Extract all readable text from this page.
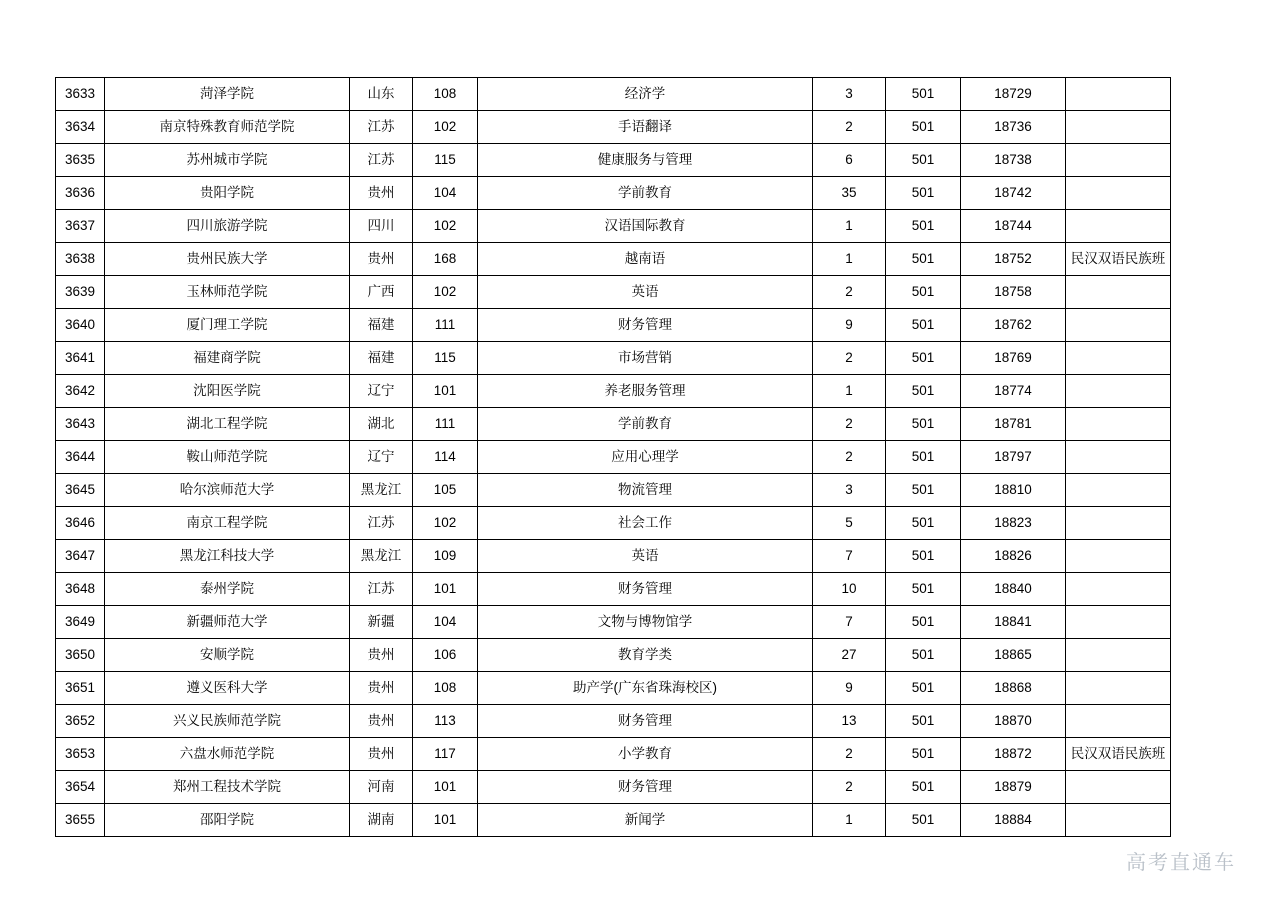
3633	菏泽学院	山东	108	经济学	3	501	18729	
3634	南京特殊教育师范学院	江苏	102	手语翻译	2	501	18736	
3635	苏州城市学院	江苏	115	健康服务与管理	6	501	18738	
3636	贵阳学院	贵州	104	学前教育	35	501	18742	
3637	四川旅游学院	四川	102	汉语国际教育	1	501	18744	
3638	贵州民族大学	贵州	168	越南语	1	501	18752	民汉双语民族班
3639	玉林师范学院	广西	102	英语	2	501	18758	
3640	厦门理工学院	福建	111	财务管理	9	501	18762	
3641	福建商学院	福建	115	市场营销	2	501	18769	
3642	沈阳医学院	辽宁	101	养老服务管理	1	501	18774	
3643	湖北工程学院	湖北	111	学前教育	2	501	18781	
3644	鞍山师范学院	辽宁	114	应用心理学	2	501	18797	
3645	哈尔滨师范大学	黑龙江	105	物流管理	3	501	18810	
3646	南京工程学院	江苏	102	社会工作	5	501	18823	
3647	黑龙江科技大学	黑龙江	109	英语	7	501	18826	
3648	泰州学院	江苏	101	财务管理	10	501	18840	
3649	新疆师范大学	新疆	104	文物与博物馆学	7	501	18841	
3650	安顺学院	贵州	106	教育学类	27	501	18865	
3651	遵义医科大学	贵州	108	助产学(广东省珠海校区)	9	501	18868	
3652	兴义民族师范学院	贵州	113	财务管理	13	501	18870	
3653	六盘水师范学院	贵州	117	小学教育	2	501	18872	民汉双语民族班
3654	郑州工程技术学院	河南	101	财务管理	2	501	18879	
3655	邵阳学院	湖南	101	新闻学	1	501	18884	
高考直通车
